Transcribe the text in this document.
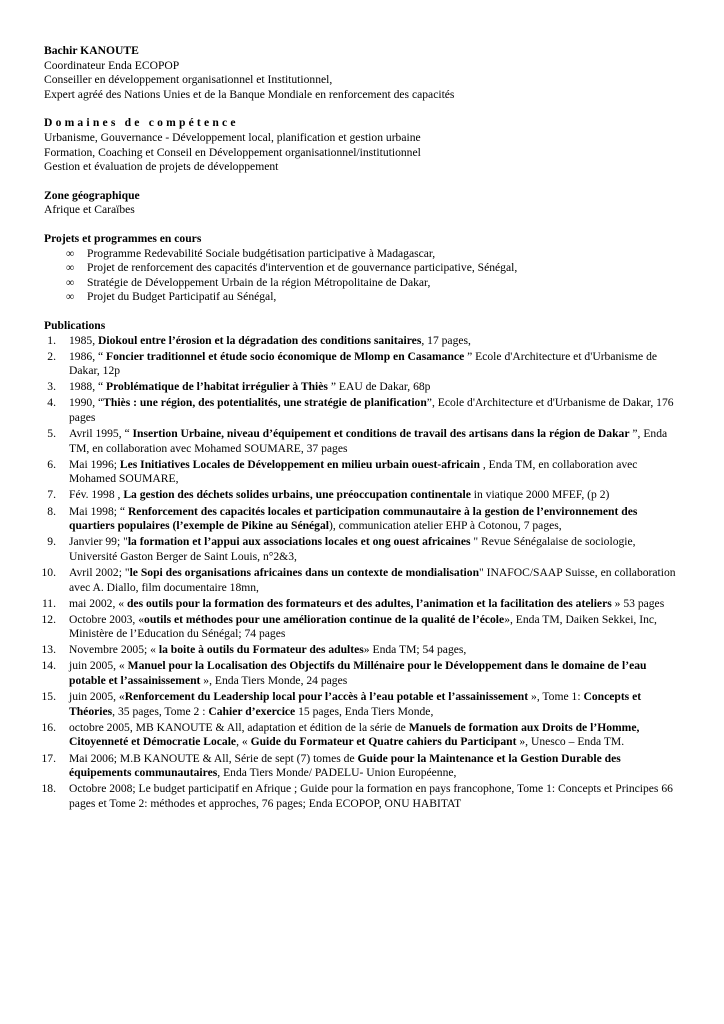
Bachir KANOUTE
Coordinateur Enda ECOPOP
Conseiller en développement organisationnel et Institutionnel,
Expert agréé des Nations Unies et de la Banque Mondiale en renforcement des capacités
Domaines de compétence
Urbanisme, Gouvernance - Développement local, planification et gestion urbaine
Formation, Coaching et Conseil en Développement organisationnel/institutionnel
Gestion et évaluation de projets de développement
Zone géographique
Afrique et Caraïbes
Projets et programmes en cours
∞	Programme Redevabilité Sociale budgétisation participative à Madagascar,
∞	Projet de renforcement des capacités d'intervention et de gouvernance participative, Sénégal,
∞	Stratégie de Développement Urbain de la région Métropolitaine de Dakar,
∞	Projet du Budget Participatif au Sénégal,
Publications
1. 1985, Diokoul entre l’érosion et la dégradation des conditions sanitaires, 17 pages,
2. 1986, “ Foncier traditionnel et étude socio économique de Mlomp en Casamance ” Ecole d'Architecture et d'Urbanisme de Dakar, 12p
3. 1988, “ Problématique de l’habitat irrégulier à Thiès ” EAU de Dakar, 68p
4. 1990, “Thiès : une région, des potentialités, une stratégie de planification”, Ecole d'Architecture et d'Urbanisme de Dakar, 176 pages
5. Avril 1995, “ Insertion Urbaine, niveau d’équipement et conditions de travail des artisans dans la région de Dakar ”, Enda TM, en collaboration avec Mohamed SOUMARE, 37 pages
6. Mai 1996; Les Initiatives Locales de Développement en milieu urbain ouest-africain , Enda TM, en collaboration avec Mohamed SOUMARE,
7. Fév. 1998 , La gestion des déchets solides urbains, une préoccupation continentale in viatique 2000 MFEF, (p 2)
8. Mai 1998; “ Renforcement des capacités locales et participation communautaire à la gestion de l’environnement des quartiers populaires (l’exemple de Pikine au Sénégal), communication atelier EHP à Cotonou, 7 pages,
9. Janvier 99; "la formation et l’appui aux associations locales et ong ouest africaines " Revue Sénégalaise de sociologie, Université Gaston Berger de Saint Louis, n°2&3,
10. Avril 2002; "le Sopi des organisations africaines dans un contexte de mondialisation" INAFOC/SAAP Suisse, en collaboration avec A. Diallo, film documentaire 18mn,
11. mai 2002, « des outils pour la formation des formateurs et des adultes, l’animation et la facilitation des ateliers » 53 pages
12. Octobre 2003, «outils et méthodes pour une amélioration continue de la qualité de l’école», Enda TM, Daiken Sekkei, Inc, Ministère de l’Education du Sénégal; 74 pages
13. Novembre 2005; « la boite à outils du Formateur des adultes» Enda TM; 54 pages,
14. juin 2005, « Manuel pour la Localisation des Objectifs du Millénaire pour le Développement dans le domaine de l’eau potable et l’assainissement », Enda Tiers Monde, 24 pages
15. juin 2005, «Renforcement du Leadership local pour l’accès à l’eau potable et l’assainissement », Tome 1: Concepts et Théories, 35 pages, Tome 2 : Cahier d’exercice 15 pages, Enda Tiers Monde,
16. octobre 2005, MB KANOUTE & All, adaptation et édition de la série de Manuels de formation aux Droits de l’Homme, Citoyenneté et Démocratie Locale, « Guide du Formateur et Quatre cahiers du Participant », Unesco – Enda TM.
17. Mai 2006; M.B KANOUTE & All, Série de sept (7) tomes de Guide pour la Maintenance et la Gestion Durable des équipements communautaires, Enda Tiers Monde/ PADELU- Union Européenne,
18. Octobre 2008; Le budget participatif en Afrique ; Guide pour la formation en pays francophone, Tome 1: Concepts et Principes 66 pages et Tome 2: méthodes et approches, 76 pages; Enda ECOPOP, ONU HABITAT
